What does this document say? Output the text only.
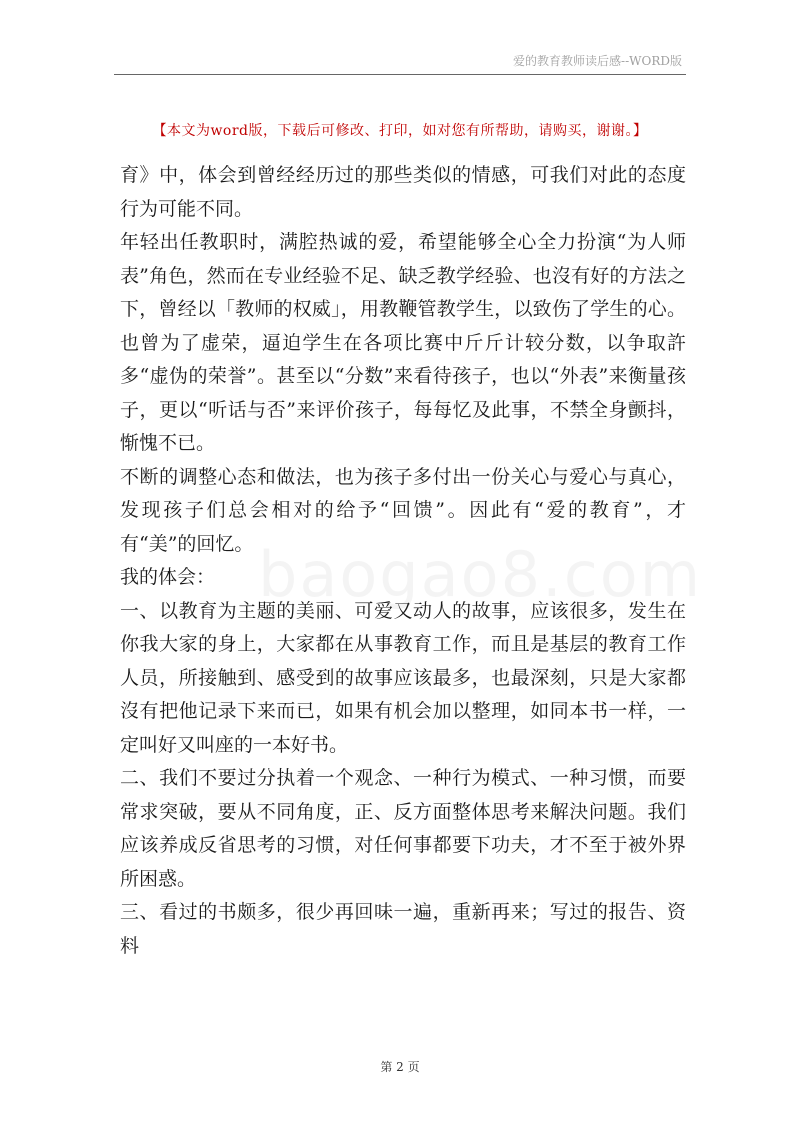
爱的教育教师读后感--WORD版
【本文为word版，下载后可修改、打印，如对您有所帮助，请购买，谢谢。】

育》中，体会到曾经经历过的那些类似的情感，可我们对此的态度行为可能不同。

年轻出任教职时，满腔热诚的爱，希望能够全心全力扮演“为人师表”角色，然而在专业经验不足、缺乏教学经验、也沒有好的方法之下，曾经以「教师的权威」，用教鞭管教学生，以致伤了学生的心。也曾为了虚荣，逼迫学生在各项比赛中斤斤计较分数，以争取許多“虚伪的荣誉”。甚至以“分数”来看待孩子，也以“外表”来衡量孩子，更以“听话与否”来评价孩子，每每忆及此事，不禁全身颤抖，惭愧不已。

不断的调整心态和做法，也为孩子多付出一份关心与爱心与真心，发现孩子们总会相对的给予“回馈”。因此有“爱的教育”，才有“美”的回忆。

我的体会：

一、以教育为主题的美丽、可爱又动人的故事，应该很多，发生在你我大家的身上，大家都在从事教育工作，而且是基层的教育工作人员，所接触到、感受到的故事应该最多，也最深刻，只是大家都沒有把他记录下来而已，如果有机会加以整理，如同本书一样，一定叫好又叫座的一本好书。

二、我们不要过分执着一个观念、一种行为模式、一种习惯，而要常求突破，要从不同角度，正、反方面整体思考来解決问题。我们应该养成反省思考的习惯，对任何事都要下功夫，才不至于被外界所困惑。

三、看过的书颇多，很少再回味一遍，重新再来；写过的报告、资料

第 2 页
